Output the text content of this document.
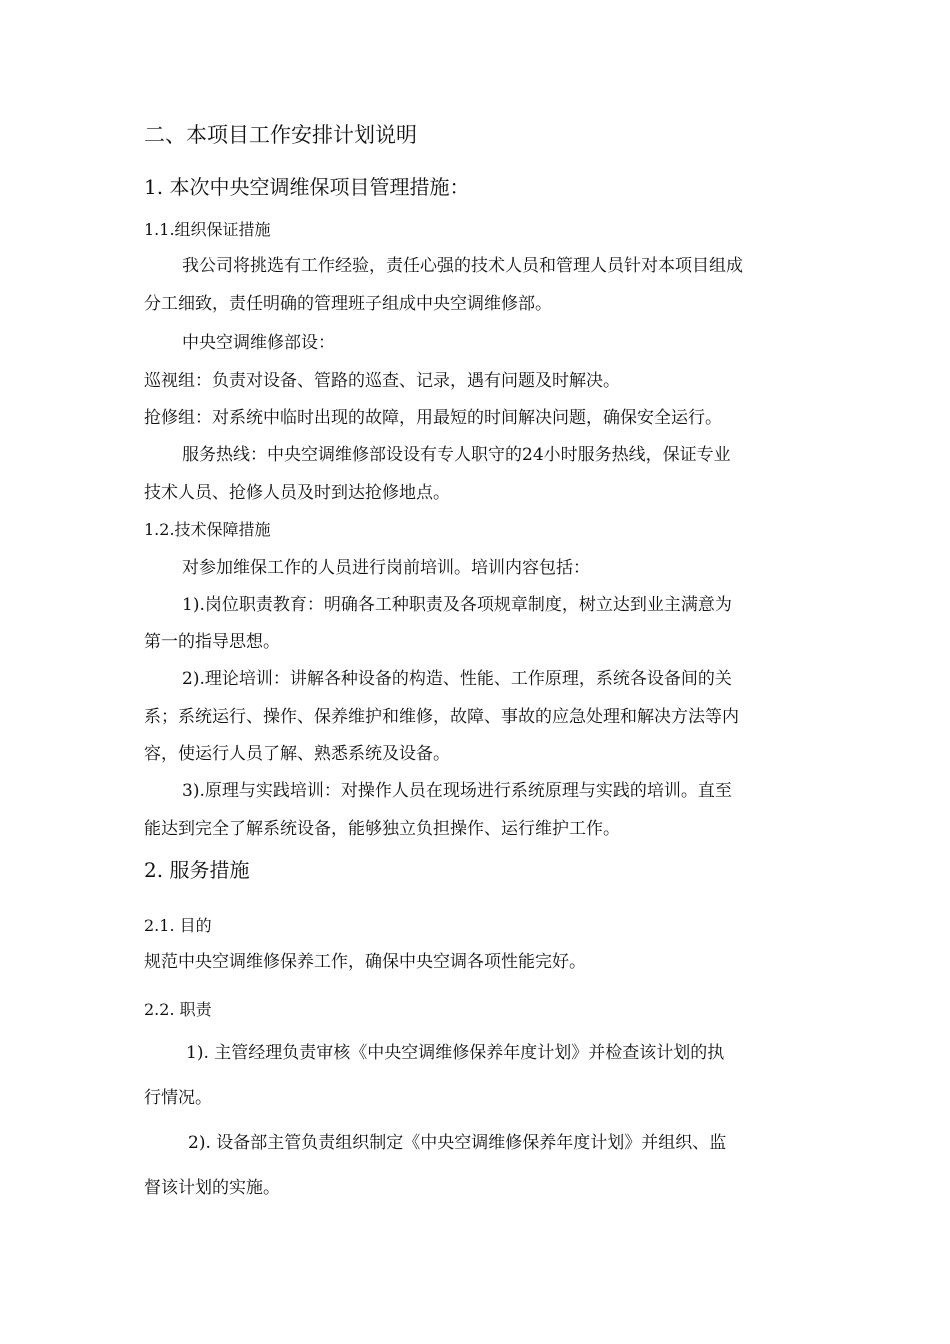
二、本项目工作安排计划说明
1. 本次中央空调维保项目管理措施：
1.1.组织保证措施
我公司将挑选有工作经验，责任心强的技术人员和管理人员针对本项目组成
分工细致，责任明确的管理班子组成中央空调维修部。
中央空调维修部设：
巡视组：负责对设备、管路的巡查、记录，遇有问题及时解决。
抢修组：对系统中临时出现的故障，用最短的时间解决问题，确保安全运行。
服务热线：中央空调维修部设设有专人职守的24小时服务热线，保证专业
技术人员、抢修人员及时到达抢修地点。
1.2.技术保障措施
对参加维保工作的人员进行岗前培训。培训内容包括：
1).岗位职责教育：明确各工种职责及各项规章制度，树立达到业主满意为
第一的指导思想。
2).理论培训：讲解各种设备的构造、性能、工作原理，系统各设备间的关
系；系统运行、操作、保养维护和维修，故障、事故的应急处理和解决方法等内
容，使运行人员了解、熟悉系统及设备。
3).原理与实践培训：对操作人员在现场进行系统原理与实践的培训。直至
能达到完全了解系统设备，能够独立负担操作、运行维护工作。
2. 服务措施
2.1. 目的
规范中央空调维修保养工作，确保中央空调各项性能完好。
2.2. 职责
1). 主管经理负责审核《中央空调维修保养年度计划》并检查该计划的执
行情况。
2). 设备部主管负责组织制定《中央空调维修保养年度计划》并组织、监
督该计划的实施。
